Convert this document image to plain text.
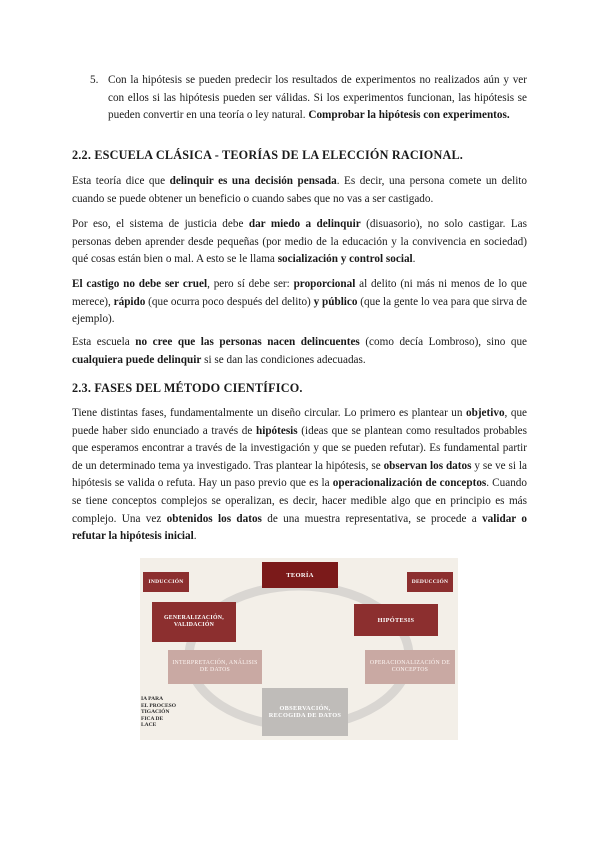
5. Con la hipótesis se pueden predecir los resultados de experimentos no realizados aún y ver con ellos si las hipótesis pueden ser válidas. Si los experimentos funcionan, las hipótesis se pueden convertir en una teoría o ley natural. Comprobar la hipótesis con experimentos.

2.2. ESCUELA CLÁSICA - TEORÍAS DE LA ELECCIÓN RACIONAL.

Esta teoría dice que delinquir es una decisión pensada. Es decir, una persona comete un delito cuando se puede obtener un beneficio o cuando sabes que no vas a ser castigado.

Por eso, el sistema de justicia debe dar miedo a delinquir (disuasorio), no solo castigar. Las personas deben aprender desde pequeñas (por medio de la educación y la convivencia en sociedad) qué cosas están bien o mal. A esto se le llama socialización y control social.

El castigo no debe ser cruel, pero sí debe ser: proporcional al delito (ni más ni menos de lo que merece), rápido (que ocurra poco después del delito) y público (que la gente lo vea para que sirva de ejemplo).

Esta escuela no cree que las personas nacen delincuentes (como decía Lombroso), sino que cualquiera puede delinquir si se dan las condiciones adecuadas.

2.3. FASES DEL MÉTODO CIENTÍFICO.

Tiene distintas fases, fundamentalmente un diseño circular. Lo primero es plantear un objetivo, que puede haber sido enunciado a través de hipótesis (ideas que se plantean como resultados probables que esperamos encontrar a través de la investigación y que se pueden refutar). Es fundamental partir de un determinado tema ya investigado. Tras plantear la hipótesis, se observan los datos y se ve si la hipótesis se valida o refuta. Hay un paso previo que es la operacionalización de conceptos. Cuando se tiene conceptos complejos se operalizan, es decir, hacer medible algo que en principio es más complejo. Una vez obtenidos los datos de una muestra representativa, se procede a validar o refutar la hipótesis inicial.

TEORÍA
INDUCCIÓN	DEDUCCIÓN
GENERALIZACIÓN, VALIDACIÓN
HIPÓTESIS
INTERPRETACIÓN, ANÁLISIS DE DATOS
OPERACIONALIZACIÓN DE CONCEPTOS
OBSERVACIÓN, RECOGIDA DE DATOS
IA PARA
EL PROCESO
TIGACIÓN
FICA DE
LACE
